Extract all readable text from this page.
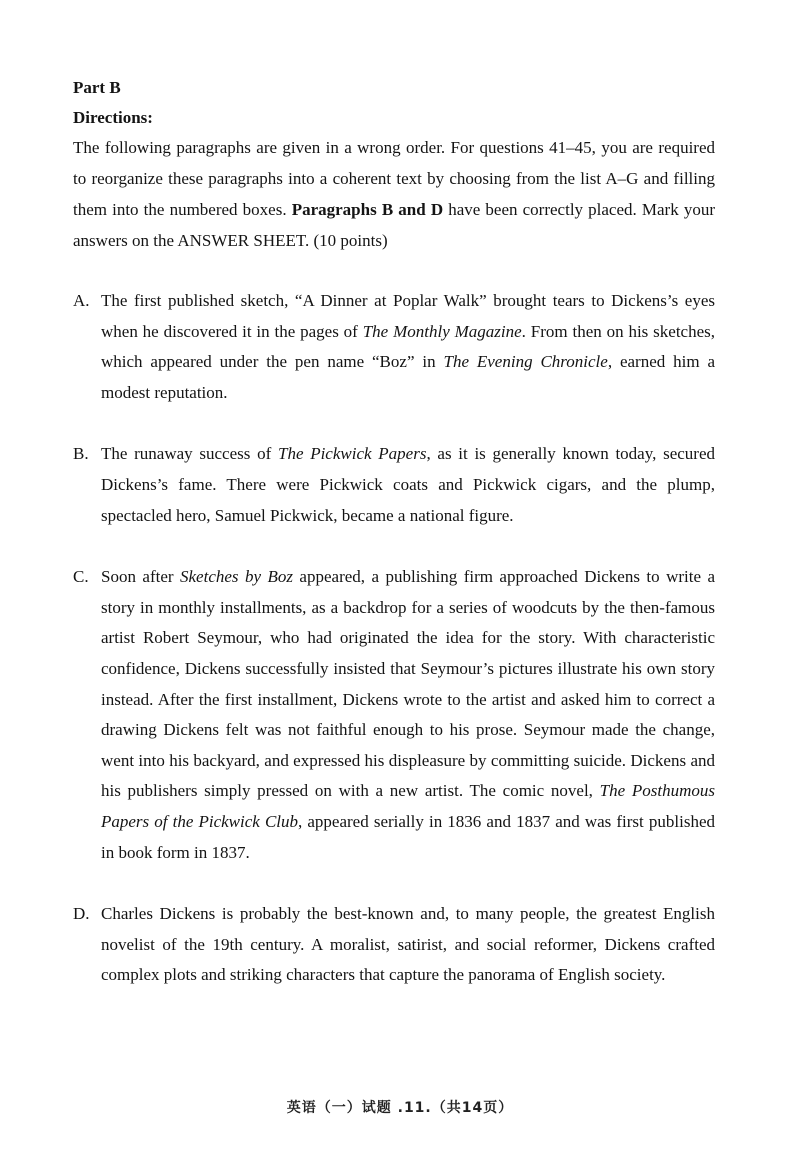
Part B

Directions:

The following paragraphs are given in a wrong order. For questions 41–45, you are required to reorganize these paragraphs into a coherent text by choosing from the list A–G and filling them into the numbered boxes. Paragraphs B and D have been correctly placed. Mark your answers on the ANSWER SHEET. (10 points)

A. The first published sketch, “A Dinner at Poplar Walk” brought tears to Dickens’s eyes when he discovered it in the pages of The Monthly Magazine. From then on his sketches, which appeared under the pen name “Boz” in The Evening Chronicle, earned him a modest reputation.

B. The runaway success of The Pickwick Papers, as it is generally known today, secured Dickens’s fame. There were Pickwick coats and Pickwick cigars, and the plump, spectacled hero, Samuel Pickwick, became a national figure.

C. Soon after Sketches by Boz appeared, a publishing firm approached Dickens to write a story in monthly installments, as a backdrop for a series of woodcuts by the then-famous artist Robert Seymour, who had originated the idea for the story. With characteristic confidence, Dickens successfully insisted that Seymour’s pictures illustrate his own story instead. After the first installment, Dickens wrote to the artist and asked him to correct a drawing Dickens felt was not faithful enough to his prose. Seymour made the change, went into his backyard, and expressed his displeasure by committing suicide. Dickens and his publishers simply pressed on with a new artist. The comic novel, The Posthumous Papers of the Pickwick Club, appeared serially in 1836 and 1837 and was first published in book form in 1837.

D. Charles Dickens is probably the best-known and, to many people, the greatest English novelist of the 19th century. A moralist, satirist, and social reformer, Dickens crafted complex plots and striking characters that capture the panorama of English society.

英语（一）试题 .11.（共14页）
